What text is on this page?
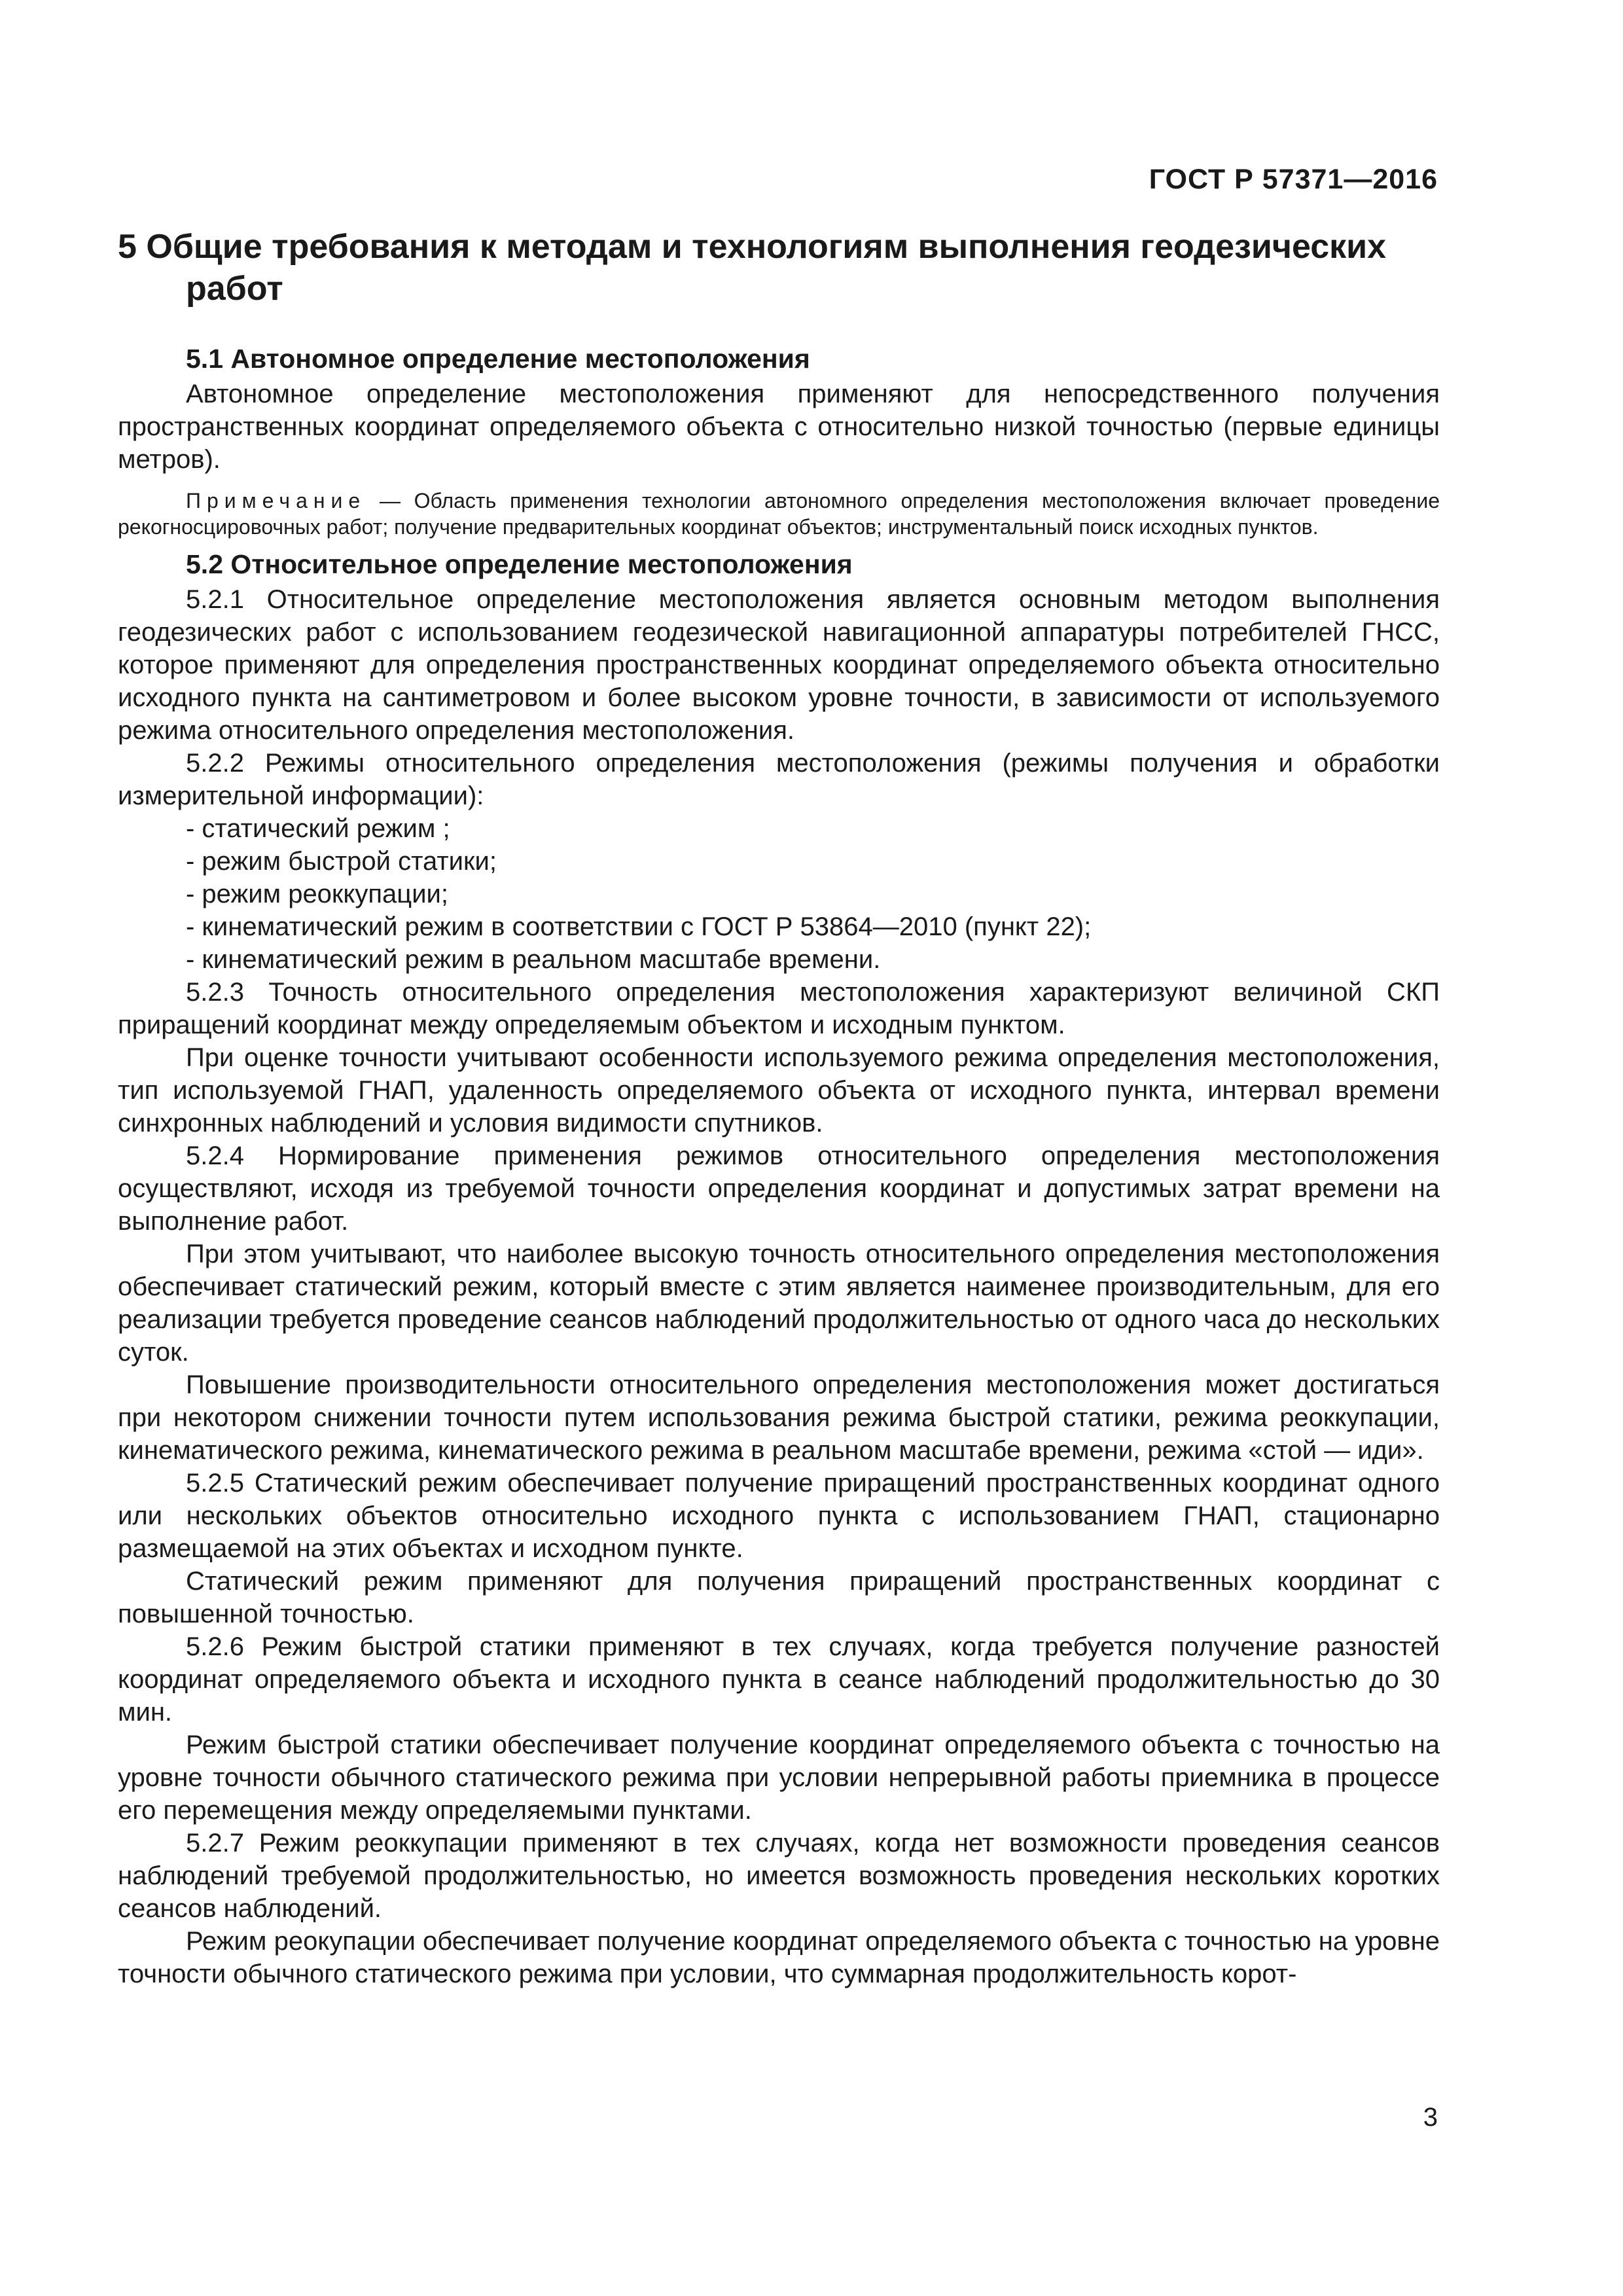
ГОСТ Р 57371—2016
5 Общие требования к методам и технологиям выполнения геодезических работ
5.1 Автономное определение местоположения

Автономное определение местоположения применяют для непосредственного получения пространственных координат определяемого объекта с относительно низкой точностью (первые единицы метров).

Примечание — Область применения технологии автономного определения местоположения включает проведение рекогносцировочных работ; получение предварительных координат объектов; инструментальный поиск исходных пунктов.

5.2 Относительное определение местоположения

5.2.1 Относительное определение местоположения является основным методом выполнения геодезических работ с использованием геодезической навигационной аппаратуры потребителей ГНСС, которое применяют для определения пространственных координат определяемого объекта относительно исходного пункта на сантиметровом и более высоком уровне точности, в зависимости от используемого режима относительного определения местоположения.

5.2.2 Режимы относительного определения местоположения (режимы получения и обработки измерительной информации):

- статический режим ;
- режим быстрой статики;
- режим реоккупации;
- кинематический режим в соответствии с ГОСТ Р 53864—2010 (пункт 22);
- кинематический режим в реальном масштабе времени.

5.2.3 Точность относительного определения местоположения характеризуют величиной СКП приращений координат между определяемым объектом и исходным пунктом.

При оценке точности учитывают особенности используемого режима определения местоположения, тип используемой ГНАП, удаленность определяемого объекта от исходного пункта, интервал времени синхронных наблюдений и условия видимости спутников.

5.2.4 Нормирование применения режимов относительного определения местоположения осуществляют, исходя из требуемой точности определения координат и допустимых затрат времени на выполнение работ.

При этом учитывают, что наиболее высокую точность относительного определения местоположения обеспечивает статический режим, который вместе с этим является наименее производительным, для его реализации требуется проведение сеансов наблюдений продолжительностью от одного часа до нескольких суток.

Повышение производительности относительного определения местоположения может достигаться при некотором снижении точности путем использования режима быстрой статики, режима реоккупации, кинематического режима, кинематического режима в реальном масштабе времени, режима «стой — иди».

5.2.5 Статический режим обеспечивает получение приращений пространственных координат одного или нескольких объектов относительно исходного пункта с использованием ГНАП, стационарно размещаемой на этих объектах и исходном пункте.

Статический режим применяют для получения приращений пространственных координат с повышенной точностью.

5.2.6 Режим быстрой статики применяют в тех случаях, когда требуется получение разностей координат определяемого объекта и исходного пункта в сеансе наблюдений продолжительностью до 30 мин.

Режим быстрой статики обеспечивает получение координат определяемого объекта с точностью на уровне точности обычного статического режима при условии непрерывной работы приемника в процессе его перемещения между определяемыми пунктами.

5.2.7 Режим реоккупации применяют в тех случаях, когда нет возможности проведения сеансов наблюдений требуемой продолжительностью, но имеется возможность проведения нескольких коротких сеансов наблюдений.

Режим реокупации обеспечивает получение координат определяемого объекта с точностью на уровне точности обычного статического режима при условии, что суммарная продолжительность корот-

3
